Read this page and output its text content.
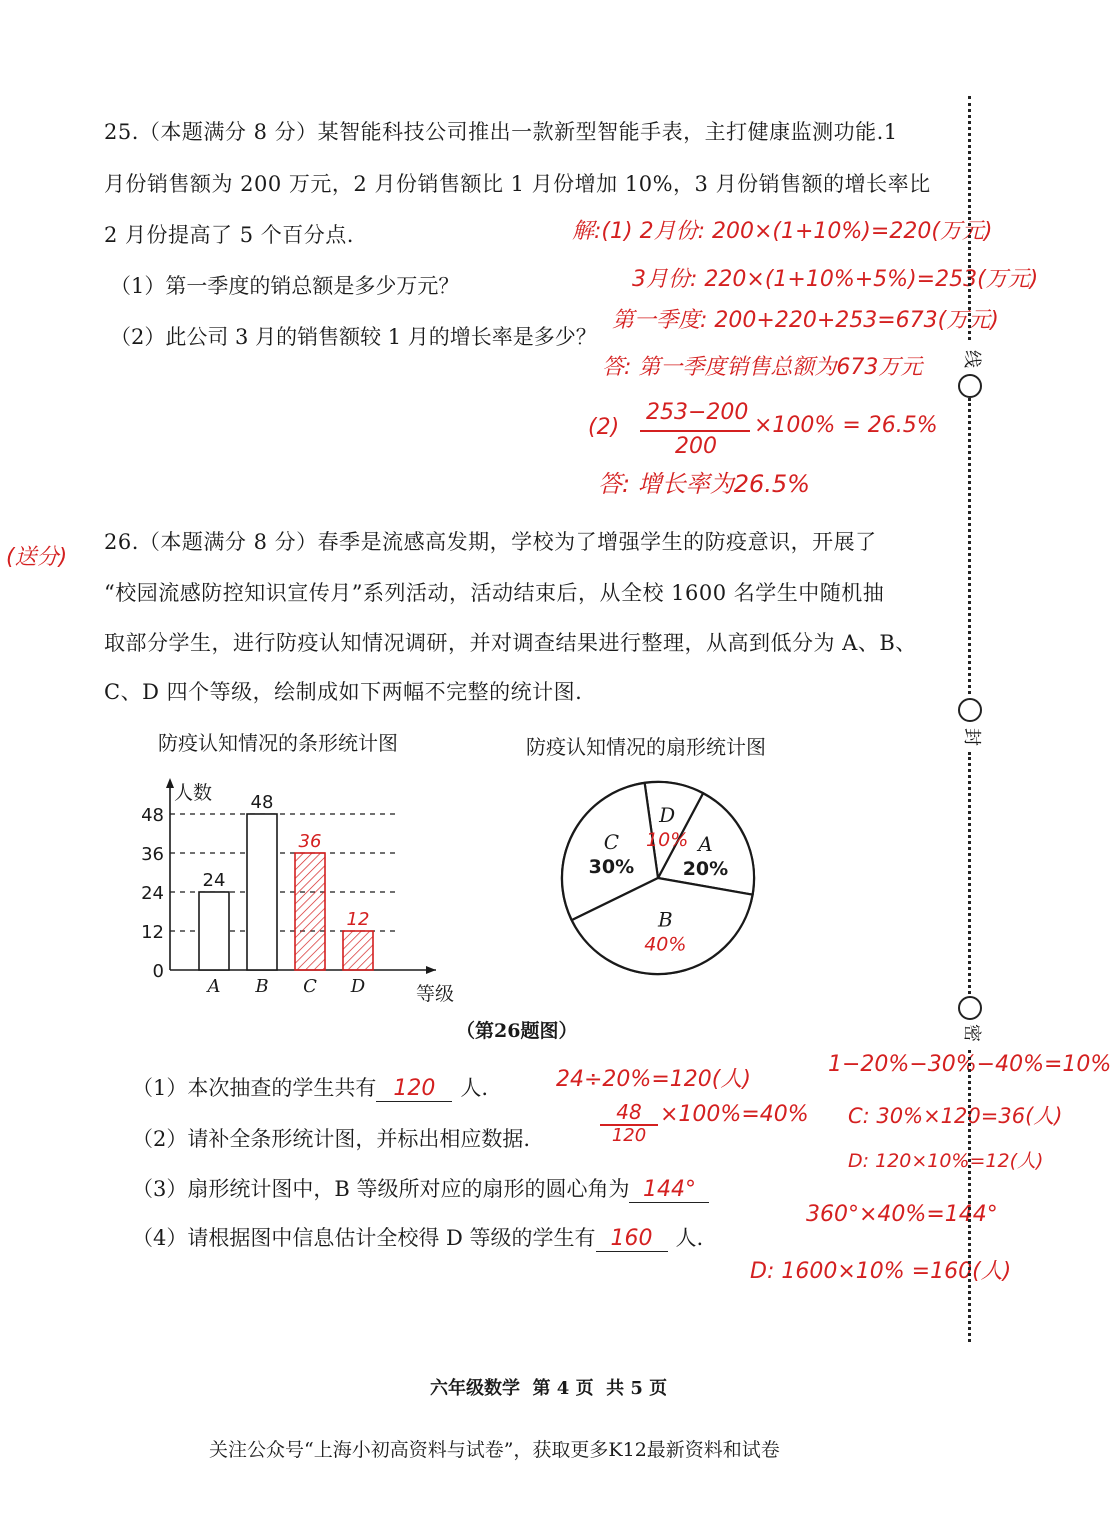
25.（本题满分 8 分）某智能科技公司推出一款新型智能手表，主打健康监测功能.1
月份销售额为 200 万元，2 月份销售额比 1 月份增加 10%，3 月份销售额的增长率比
2 月份提高了 5 个百分点.
（1）第一季度的销总额是多少万元？
（2）此公司 3 月的销售额较 1 月的增长率是多少？
解:(1) 2月份: 200×(1+10%)=220(万元)
3月份: 220×(1+10%+5%)=253(万元)
第一季度: 200+220+253=673(万元)
答: 第一季度销售总额为673万元
(2)
253−200
200
×100% = 26.5%
答: 增长率为26.5%
(送分)
26.（本题满分 8 分）春季是流感高发期，学校为了增强学生的防疫意识，开展了
“校园流感防控知识宣传月”系列活动，活动结束后，从全校 1600 名学生中随机抽
取部分学生，进行防疫认知情况调研，并对调查结果进行整理，从高到低分为 A、B、
C、D 四个等级，绘制成如下两幅不完整的统计图.
防疫认知情况的条形统计图	防疫认知情况的扇形统计图
人数
等级
0
12
24
36
48
24
A
48
B
36
C
12
D
A
20%
D
10%
C
30%
B
40%
（第26题图）
（1）本次抽查的学生共有 120 人.
（2）请补全条形统计图，并标出相应数据.
（3）扇形统计图中，B 等级所对应的扇形的圆心角为 144°
（4）请根据图中信息估计全校得 D 等级的学生有 160 人.
24÷20%=120(人)
48
120
×100%=40%
1−20%−30%−40%=10%
C: 30%×120=36(人)
D: 120×10%=12(人)
360°×40%=144°
D: 1600×10% =160(人)
线
封
密
六年级数学  第 4 页  共 5 页
关注公众号“上海小初高资料与试卷”，获取更多K12最新资料和试卷
